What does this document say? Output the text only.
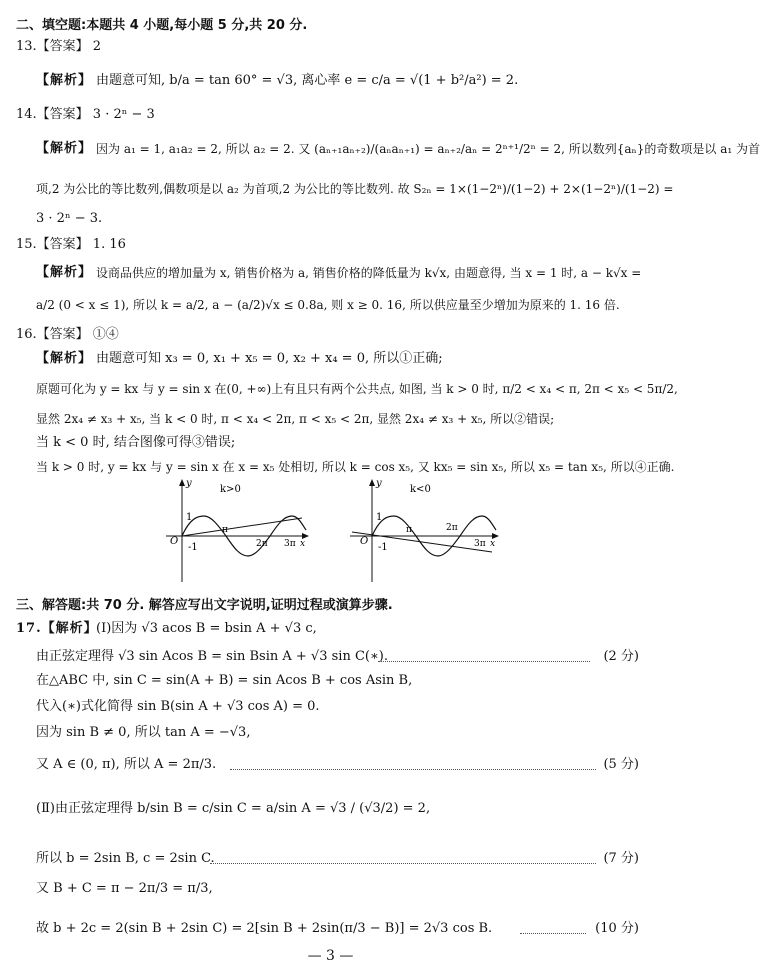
二、填空题:本题共 4 小题,每小题 5 分,共 20 分.
13.【答案】 2
【解析】 由题意可知, b/a = tan 60° = √3, 离心率 e = c/a = √(1 + b²/a²) = 2.
14.【答案】 3 · 2ⁿ − 3
【解析】 因为 a₁ = 1, a₁a₂ = 2, 所以 a₂ = 2. 又 (aₙ₊₁aₙ₊₂)/(aₙaₙ₊₁) = aₙ₊₂/aₙ = 2ⁿ⁺¹/2ⁿ = 2, 所以数列{aₙ}的奇数项是以 a₁ 为首
项,2 为公比的等比数列,偶数项是以 a₂ 为首项,2 为公比的等比数列. 故 S₂ₙ = 1×(1−2ⁿ)/(1−2) + 2×(1−2ⁿ)/(1−2) =
3 · 2ⁿ − 3.
15.【答案】 1. 16
【解析】 设商品供应的增加量为 x, 销售价格为 a, 销售价格的降低量为 k√x, 由题意得, 当 x = 1 时, a − k√x =
a/2 (0 < x ≤ 1), 所以 k = a/2, a − (a/2)√x ≤ 0.8a, 则 x ≥ 0. 16, 所以供应量至少增加为原来的 1. 16 倍.
16.【答案】 ①④
【解析】 由题意可知 x₃ = 0, x₁ + x₅ = 0, x₂ + x₄ = 0, 所以①正确;
原题可化为 y = kx 与 y = sin x 在(0, +∞)上有且只有两个公共点, 如图, 当 k > 0 时, π/2 < x₄ < π, 2π < x₅ < 5π/2,
显然 2x₄ ≠ x₃ + x₅, 当 k < 0 时, π < x₄ < 2π, π < x₅ < 2π, 显然 2x₄ ≠ x₃ + x₅, 所以②错误;
当 k < 0 时, 结合图像可得③错误;
当 k > 0 时, y = kx 与 y = sin x 在 x = x₅ 处相切, 所以 k = cos x₅, 又 kx₅ = sin x₅, 所以 x₅ = tan x₅, 所以④正确.
y
k>0
1
-1
O
π
2π 3π x
y
k<0
1
-1
O
π	2π
3π x
三、解答题:共 70 分. 解答应写出文字说明,证明过程或演算步骤.
17.【解析】
(Ⅰ)因为 √3 acos B = bsin A + √3 c,
由正弦定理得 √3 sin Acos B = sin Bsin A + √3 sin C(∗).	(2 分)
在△ABC 中, sin C = sin(A + B) = sin Acos B + cos Asin B,
代入(∗)式化简得 sin B(sin A + √3 cos A) = 0.
因为 sin B ≠ 0, 所以 tan A = −√3,
又 A ∈ (0, π), 所以 A = 2π/3.	(5 分)
(Ⅱ)由正弦定理得 b/sin B = c/sin C = a/sin A = √3 / (√3/2) = 2,
所以 b = 2sin B, c = 2sin C.	(7 分)
又 B + C = π − 2π/3 = π/3,
故 b + 2c = 2(sin B + 2sin C) = 2[sin B + 2sin(π/3 − B)] = 2√3 cos B.	(10 分)
— 3 —
